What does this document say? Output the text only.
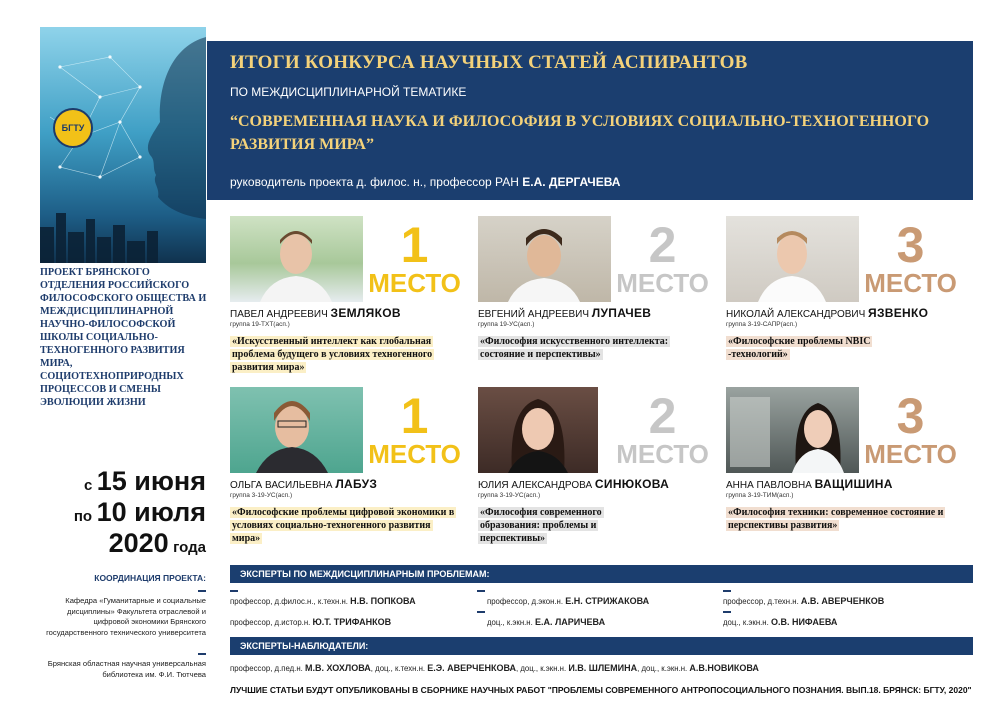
БГТУ
ПРОЕКТ БРЯНСКОГО ОТДЕЛЕНИЯ РОССИЙСКОГО ФИЛОСОФСКОГО ОБЩЕСТВА И МЕЖДИСЦИПЛИНАРНОЙ НАУЧНО-ФИЛОСОФСКОЙ ШКОЛЫ СОЦИАЛЬНО-ТЕХНОГЕННОГО РАЗВИТИЯ МИРА, СОЦИОТЕХНОПРИРОДНЫХ ПРОЦЕССОВ И СМЕНЫ ЭВОЛЮЦИИ ЖИЗНИ
с 15 июня
по 10 июля
2020 года
КООРДИНАЦИЯ ПРОЕКТА:
Кафедра «Гуманитарные и социальные дисциплины» Факультета отраслевой и цифровой экономики Брянского государственного технического университета
Брянская областная научная универсальная библиотека им. Ф.И. Тютчева
ИТОГИ КОНКУРСА НАУЧНЫХ СТАТЕЙ АСПИРАНТОВ
ПО МЕЖДИСЦИПЛИНАРНОЙ ТЕМАТИКЕ
“СОВРЕМЕННАЯ НАУКА И ФИЛОСОФИЯ В УСЛОВИЯХ СОЦИАЛЬНО-ТЕХНОГЕННОГО РАЗВИТИЯ МИРА”
руководитель проекта д. филос. н., профессор РАН Е.А. ДЕРГАЧЕВА
1
МЕСТО
ПАВЕЛ АНДРЕЕВИЧ ЗЕМЛЯКОВ
группа 19-ТХТ(асп.)
«Искусственный интеллект как глобальная проблема будущего в условиях техногенного развития мира»
2
МЕСТО
ЕВГЕНИЙ АНДРЕЕВИЧ ЛУПАЧЕВ
группа 19-УС(асп.)
«Философия искусственного интеллекта: состояние и перспективы»
3
МЕСТО
НИКОЛАЙ АЛЕКСАНДРОВИЧ ЯЗВЕНКО
группа 3-19-САПР(асп.)
«Философские проблемы NBIC -технологий»
1
МЕСТО
ОЛЬГА ВАСИЛЬЕВНА ЛАБУЗ
группа 3-19-УС(асп.)
«Философские проблемы цифровой экономики в условиях социально-техногенного развития мира»
2
МЕСТО
ЮЛИЯ АЛЕКСАНДРОВА СИНЮКОВА
группа 3-19-УС(асп.)
«Философия современного образования: проблемы и перспективы»
3
МЕСТО
АННА ПАВЛОВНА ВАЩИШИНА
группа 3-19-ТИМ(асп.)
«Философия техники: современное состояние и перспективы развития»
ЭКСПЕРТЫ ПО МЕЖДИСЦИПЛИНАРНЫМ ПРОБЛЕМАМ:
профессор, д.филос.н., к.техн.н. Н.В. ПОПКОВА	профессор, д.экон.н. Е.Н. СТРИЖАКОВА	профессор, д.техн.н. А.В. АВЕРЧЕНКОВ
профессор, д.истор.н. Ю.Т. ТРИФАНКОВ	доц., к.экн.н. Е.А. ЛАРИЧЕВА	доц., к.экн.н. О.В. НИФАЕВА
ЭКСПЕРТЫ-НАБЛЮДАТЕЛИ:
профессор, д.пед.н. М.В. ХОХЛОВА, доц., к.техн.н. Е.Э. АВЕРЧЕНКОВА, доц., к.экн.н. И.В. ШЛЕМИНА, доц., к.экн.н. А.В.НОВИКОВА
ЛУЧШИЕ СТАТЬИ БУДУТ ОПУБЛИКОВАНЫ В СБОРНИКЕ НАУЧНЫХ РАБОТ "ПРОБЛЕМЫ СОВРЕМЕННОГО АНТРОПОСОЦИАЛЬНОГО ПОЗНАНИЯ. ВЫП.18. БРЯНСК: БГТУ, 2020"
